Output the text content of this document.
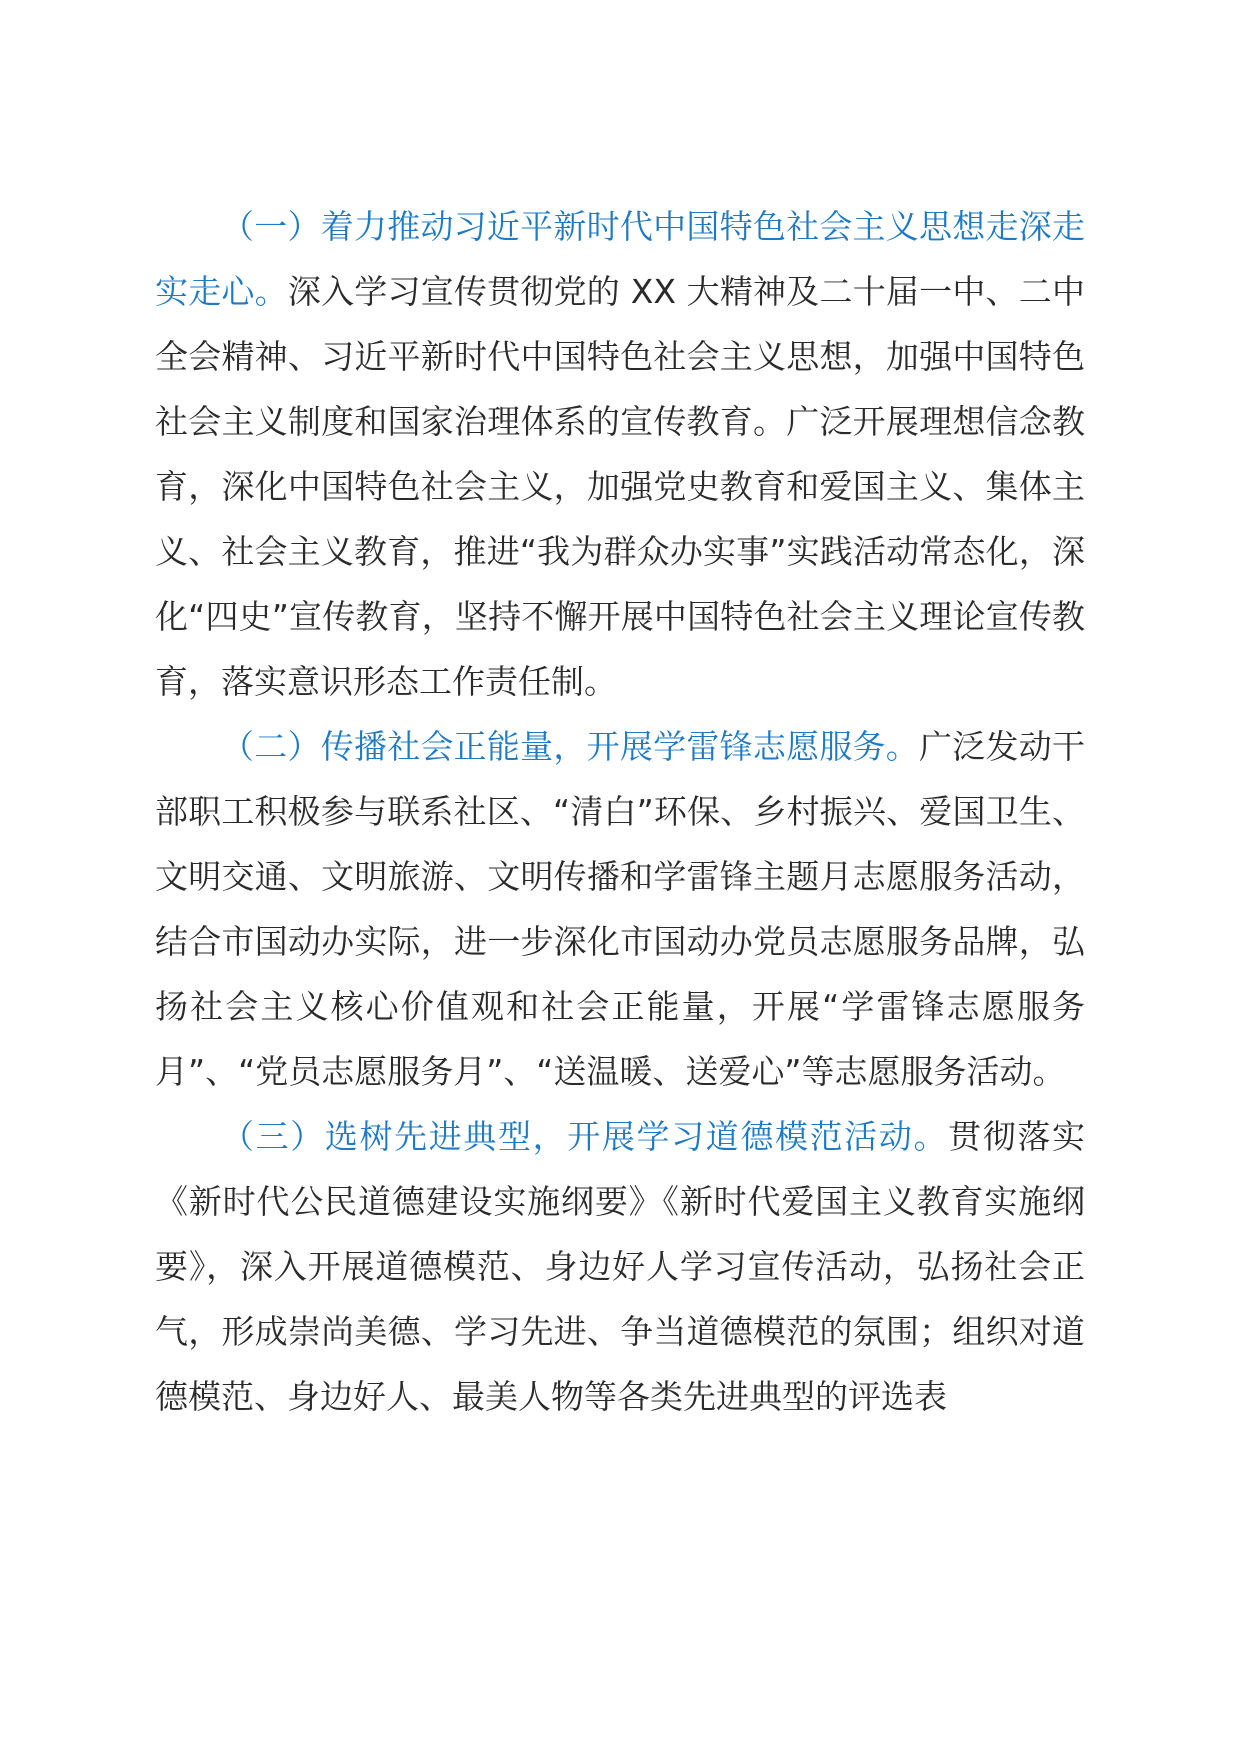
（一）着力推动习近平新时代中国特色社会主义思想走深走实走心。深入学习宣传贯彻党的 XX 大精神及二十届一中、二中全会精神、习近平新时代中国特色社会主义思想，加强中国特色社会主义制度和国家治理体系的宣传教育。广泛开展理想信念教育，深化中国特色社会主义，加强党史教育和爱国主义、集体主义、社会主义教育，推进“我为群众办实事”实践活动常态化，深化“四史”宣传教育，坚持不懈开展中国特色社会主义理论宣传教育，落实意识形态工作责任制。

（二）传播社会正能量，开展学雷锋志愿服务。广泛发动干部职工积极参与联系社区、“清白”环保、乡村振兴、爱国卫生、文明交通、文明旅游、文明传播和学雷锋主题月志愿服务活动，结合市国动办实际，进一步深化市国动办党员志愿服务品牌，弘扬社会主义核心价值观和社会正能量，开展“学雷锋志愿服务月”、“党员志愿服务月”、“送温暖、送爱心”等志愿服务活动。

（三）选树先进典型，开展学习道德模范活动。贯彻落实《新时代公民道德建设实施纲要》《新时代爱国主义教育实施纲要》，深入开展道德模范、身边好人学习宣传活动，弘扬社会正气，形成崇尚美德、学习先进、争当道德模范的氛围；组织对道德模范、身边好人、最美人物等各类先进典型的评选表
